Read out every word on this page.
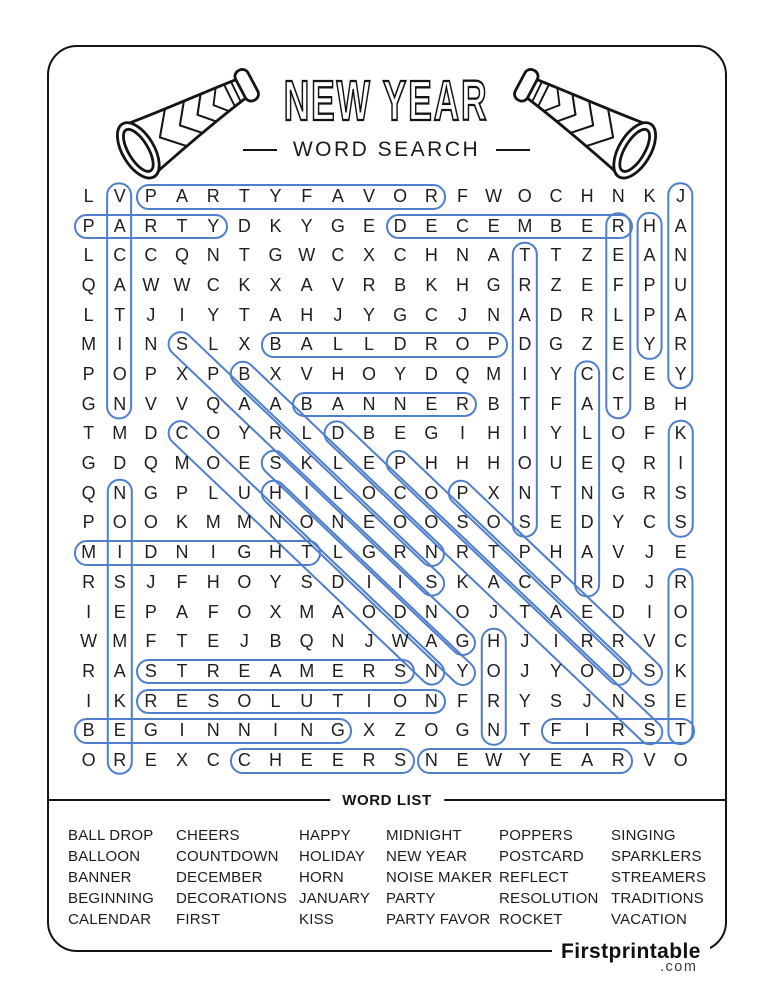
NEW YEAR
WORD SEARCH
L	V	P	A	R	T	Y	F	A	V	O R	F W O C	H	N	K	J
P	A	R	T	Y	D	K	Y	G	E	D	E	C	E M B	E	R	H	A
L	C	C Q N	T	G W C	X	C	H	N	A	T	T	Z	E	A	N
Q	A W W C	K	X	A	V	R	B	K	H G R	Z	E	F	P	U
L	T	J	I	Y	T	A	H	J	Y	G C	J	N	A	D	R	L	P	A
M	I	N	S	L	X	B	A	L	L	D	R O	P	D G	Z	E	Y	R
P	O	P	X	P	B	X	V	H O	Y	D Q M	I	Y	C	C	E	Y
G N	V	V	Q	A	A	B	A	N	N	E	R	B	T	F	A	T	B	H
T	M D	C O	Y	R	L	D	B	E	G	I	H	I	Y	L	O	F	K
G D Q M O	E	S	K	L	E	P	H	H	H O U	E	Q R	I
Q N G	P	L	U	H	I	L	O C O	P	X	N	T	N G R	S
P	O O	K M M N O N	E	O O	S	O	S	E	D	Y	C	S
M	I	D	N	I	G H	T	L	G R	N	R	T	P	H	A	V	J	E
R	S	J	F	H O	Y	S	D	I	I	S	K	A	C	P	R	D	J	R
I	E	P	A	F	O	X M A	O D	N O	J	T	A	E	D	I	O
W M	F	T	E	J	B	Q N	J	W A	G H	J	I	R	R	V	C
R	A	S	T	R	E	A M E	R	S	N	Y	O	J	Y	O D	S	K
I	K	R	E	S	O	L	U	T	I	O N	F	R	Y	S	J	N	S	E
B	E	G	I	N	N	I	N G	X	Z	O G N	T	F	I	R	S	T
O R	E	X	C	C	H	E	E	R	S	N	E W Y	E	A	R	V	O
WORD LIST
BALL DROP
BALLOON
BANNER
BEGINNING
CALENDAR
CHEERS
COUNTDOWN
DECEMBER
DECORATIONS
FIRST
HAPPY
HOLIDAY
HORN
JANUARY
KISS
MIDNIGHT
NEW YEAR
NOISE MAKER
PARTY
PARTY FAVOR
POPPERS
POSTCARD
REFLECT
RESOLUTION
ROCKET
SINGING
SPARKLERS
STREAMERS
TRADITIONS
VACATION
Firstprintable
.com
